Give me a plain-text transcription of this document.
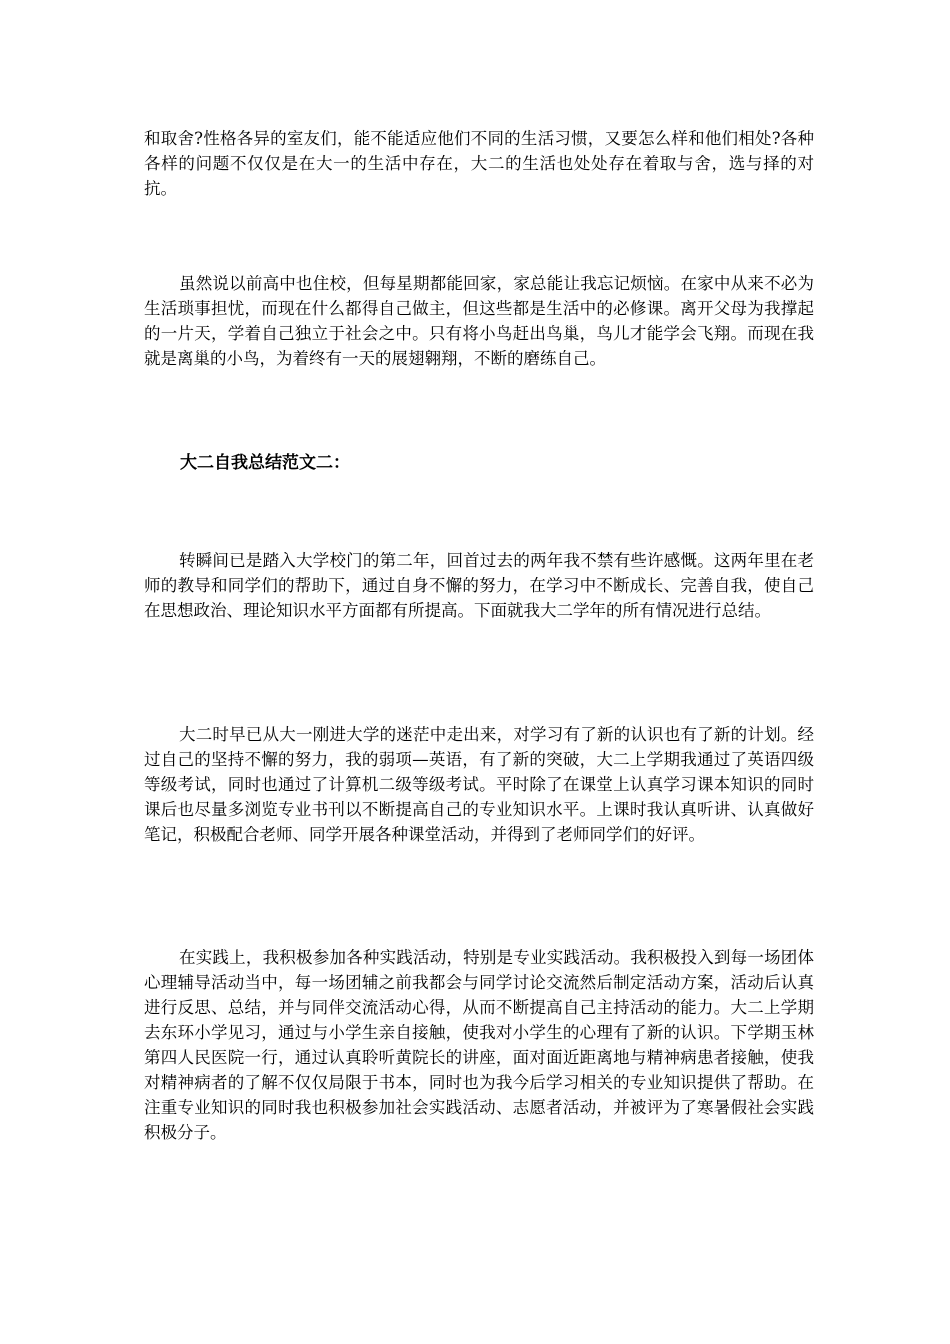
和取舍?性格各异的室友们，能不能适应他们不同的生活习惯，又要怎么样和他们相处?各种各样的问题不仅仅是在大一的生活中存在，大二的生活也处处存在着取与舍，选与择的对抗。

虽然说以前高中也住校，但每星期都能回家，家总能让我忘记烦恼。在家中从来不必为生活琐事担忧，而现在什么都得自己做主，但这些都是生活中的必修课。离开父母为我撑起的一片天，学着自己独立于社会之中。只有将小鸟赶出鸟巢，鸟儿才能学会飞翔。而现在我就是离巢的小鸟，为着终有一天的展翅翱翔，不断的磨练自己。

大二自我总结范文二：

转瞬间已是踏入大学校门的第二年，回首过去的两年我不禁有些许感慨。这两年里在老师的教导和同学们的帮助下，通过自身不懈的努力，在学习中不断成长、完善自我，使自己在思想政治、理论知识水平方面都有所提高。下面就我大二学年的所有情况进行总结。

大二时早已从大一刚进大学的迷茫中走出来，对学习有了新的认识也有了新的计划。经过自己的坚持不懈的努力，我的弱项—英语，有了新的突破，大二上学期我通过了英语四级等级考试，同时也通过了计算机二级等级考试。平时除了在课堂上认真学习课本知识的同时课后也尽量多浏览专业书刊以不断提高自己的专业知识水平。上课时我认真听讲、认真做好笔记，积极配合老师、同学开展各种课堂活动，并得到了老师同学们的好评。

在实践上，我积极参加各种实践活动，特别是专业实践活动。我积极投入到每一场团体心理辅导活动当中，每一场团辅之前我都会与同学讨论交流然后制定活动方案，活动后认真进行反思、总结，并与同伴交流活动心得，从而不断提高自己主持活动的能力。大二上学期去东环小学见习，通过与小学生亲自接触，使我对小学生的心理有了新的认识。下学期玉林第四人民医院一行，通过认真聆听黄院长的讲座，面对面近距离地与精神病患者接触，使我对精神病者的了解不仅仅局限于书本，同时也为我今后学习相关的专业知识提供了帮助。在注重专业知识的同时我也积极参加社会实践活动、志愿者活动，并被评为了寒暑假社会实践积极分子。
